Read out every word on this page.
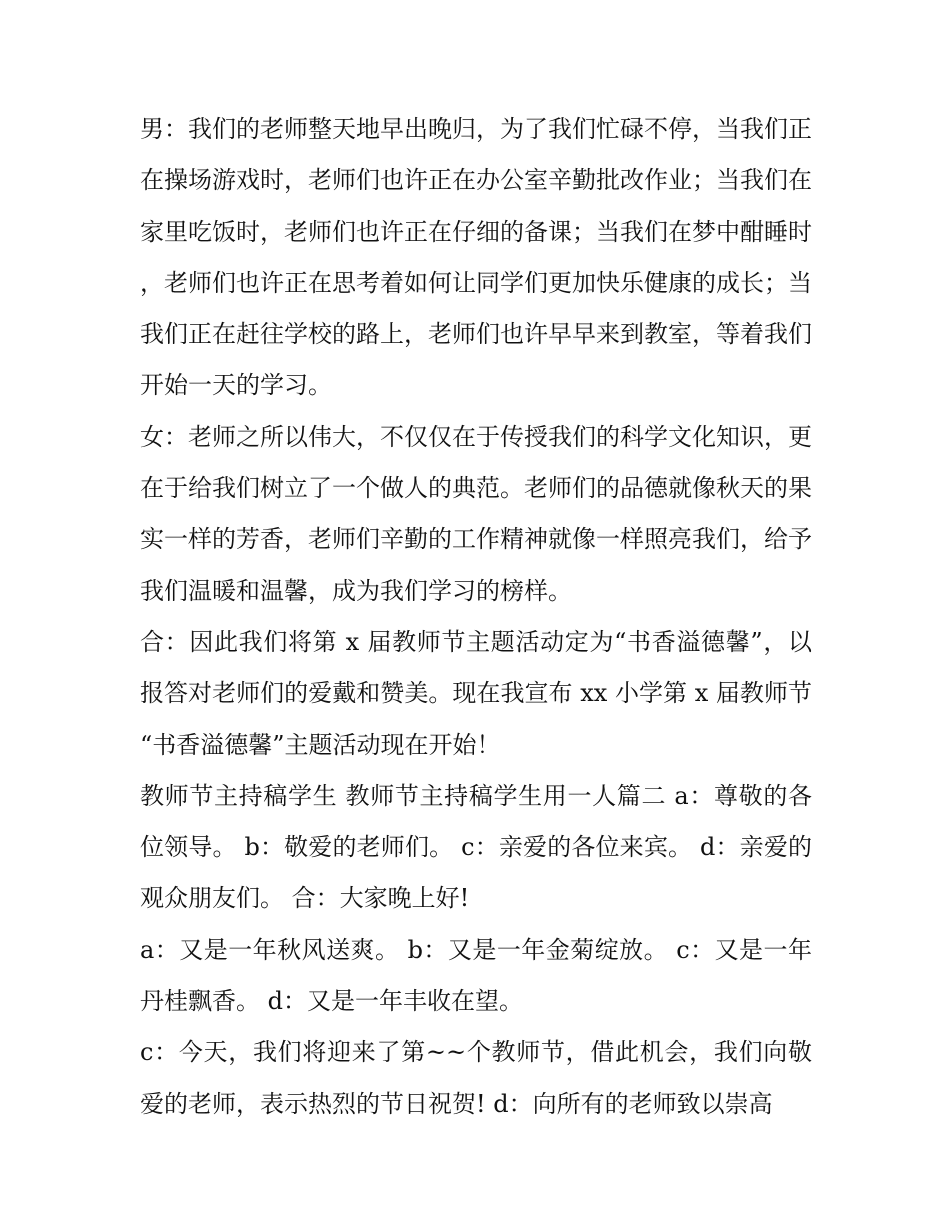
男：我们的老师整天地早出晚归，为了我们忙碌不停，当我们正在操场游戏时，老师们也许正在办公室辛勤批改作业；当我们在家里吃饭时，老师们也许正在仔细的备课；当我们在梦中酣睡时，老师们也许正在思考着如何让同学们更加快乐健康的成长；当我们正在赶往学校的路上，老师们也许早早来到教室，等着我们开始一天的学习。

女：老师之所以伟大，不仅仅在于传授我们的科学文化知识，更在于给我们树立了一个做人的典范。老师们的品德就像秋天的果实一样的芳香，老师们辛勤的工作精神就像一样照亮我们，给予我们温暖和温馨，成为我们学习的榜样。

合：因此我们将第 x 届教师节主题活动定为“书香溢德馨”，以报答对老师们的爱戴和赞美。现在我宣布 xx 小学第 x 届教师节“书香溢德馨”主题活动现在开始！

教师节主持稿学生 教师节主持稿学生用一人篇二 a：尊敬的各位领导。 b：敬爱的老师们。 c：亲爱的各位来宾。 d：亲爱的观众朋友们。 合：大家晚上好!

a：又是一年秋风送爽。 b：又是一年金菊绽放。 c：又是一年丹桂飘香。 d：又是一年丰收在望。

c：今天，我们将迎来了第~~个教师节，借此机会，我们向敬爱的老师，表示热烈的节日祝贺! d：向所有的老师致以崇高
